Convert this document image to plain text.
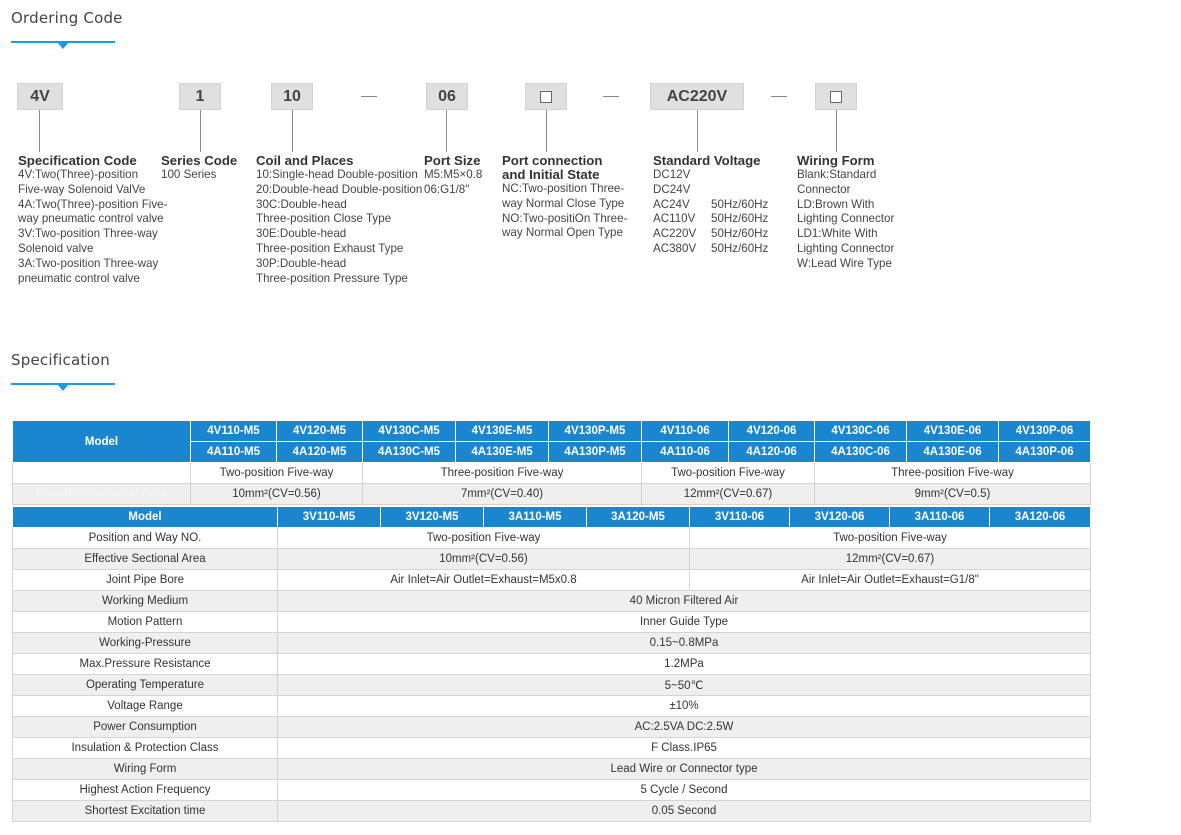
Ordering Code
4V	1	10	06	AC220V
Specification Code
4V:Two(Three)-position
Five-way Solenoid ValVe
4A:Two(Three)-position Five-
way pneumatic control valve
3V:Two-position Three-way
Solenoid valve
3A:Two-position Three-way
pneumatic control valve
Series Code
100 Series
Coil and Places
10:Single-head Double-position
20:Double-head Double-position
30C:Double-head
Three-position Close Type
30E:Double-head
Three-position Exhaust Type
30P:Double-head
Three-position Pressure Type
Port Size
M5:M5×0.8
06:G1/8"
Port connection
and Initial State
NC:Two-position Three-
way Normal Close Type
NO:Two-positiOn Three-
way Normal Open Type
Standard Voltage
DC12V
DC24V
AC24V 50Hz/60Hz
AC110V 50Hz/60Hz
AC220V 50Hz/60Hz
AC380V 50Hz/60Hz
Wiring Form
Blank:Standard
Connector
LD:Brown With
Lighting Connector
LD1:White With
Lighting Connector
W:Lead Wire Type
Specification
Model	4V110-M5	4V120-M5	4V130C-M5	4V130E-M5	4V130P-M5	4V110-06	4V120-06	4V130C-06	4V130E-06	4V130P-06
	4A110-M5	4A120-M5	4A130C-M5	4A130E-M5	4A130P-M5	4A110-06	4A120-06	4A130C-06	4A130E-06	4A130P-06
	Two-position Five-way		Three-position Five-way			Two-position Five-way		Three-position Five-way		
Effective Sectional Area	10mm²(CV=0.56)		7mm²(CV=0.40)			12mm²(CV=0.67)		9mm²(CV=0.5)		
Model	3V110-M5	3V120-M5	3A110-M5	3A120-M5	3V110-06	3V120-06	3A110-06	3A120-06
Position and Way NO.	Two-position Five-way				Two-position Five-way			
Effective Sectional Area	10mm²(CV=0.56)				12mm²(CV=0.67)			
Joint Pipe Bore	Air Inlet=Air Outlet=Exhaust=M5x0.8				Air Inlet=Air Outlet=Exhaust=G1/8"			
Working Medium	40 Micron Filtered Air							
Motion Pattern	Inner Guide Type							
Working-Pressure	0.15~0.8MPa							
Max.Pressure Resistance	1.2MPa							
Operating Temperature	5~50℃							
Voltage Range	±10%							
Power Consumption	AC:2.5VA DC:2.5W							
Insulation & Protection Class	F Class.IP65							
Wiring Form	Lead Wire or Connector type							
Highest Action Frequency	5 Cycle / Second							
Shortest Excitation time	0.05 Second							
